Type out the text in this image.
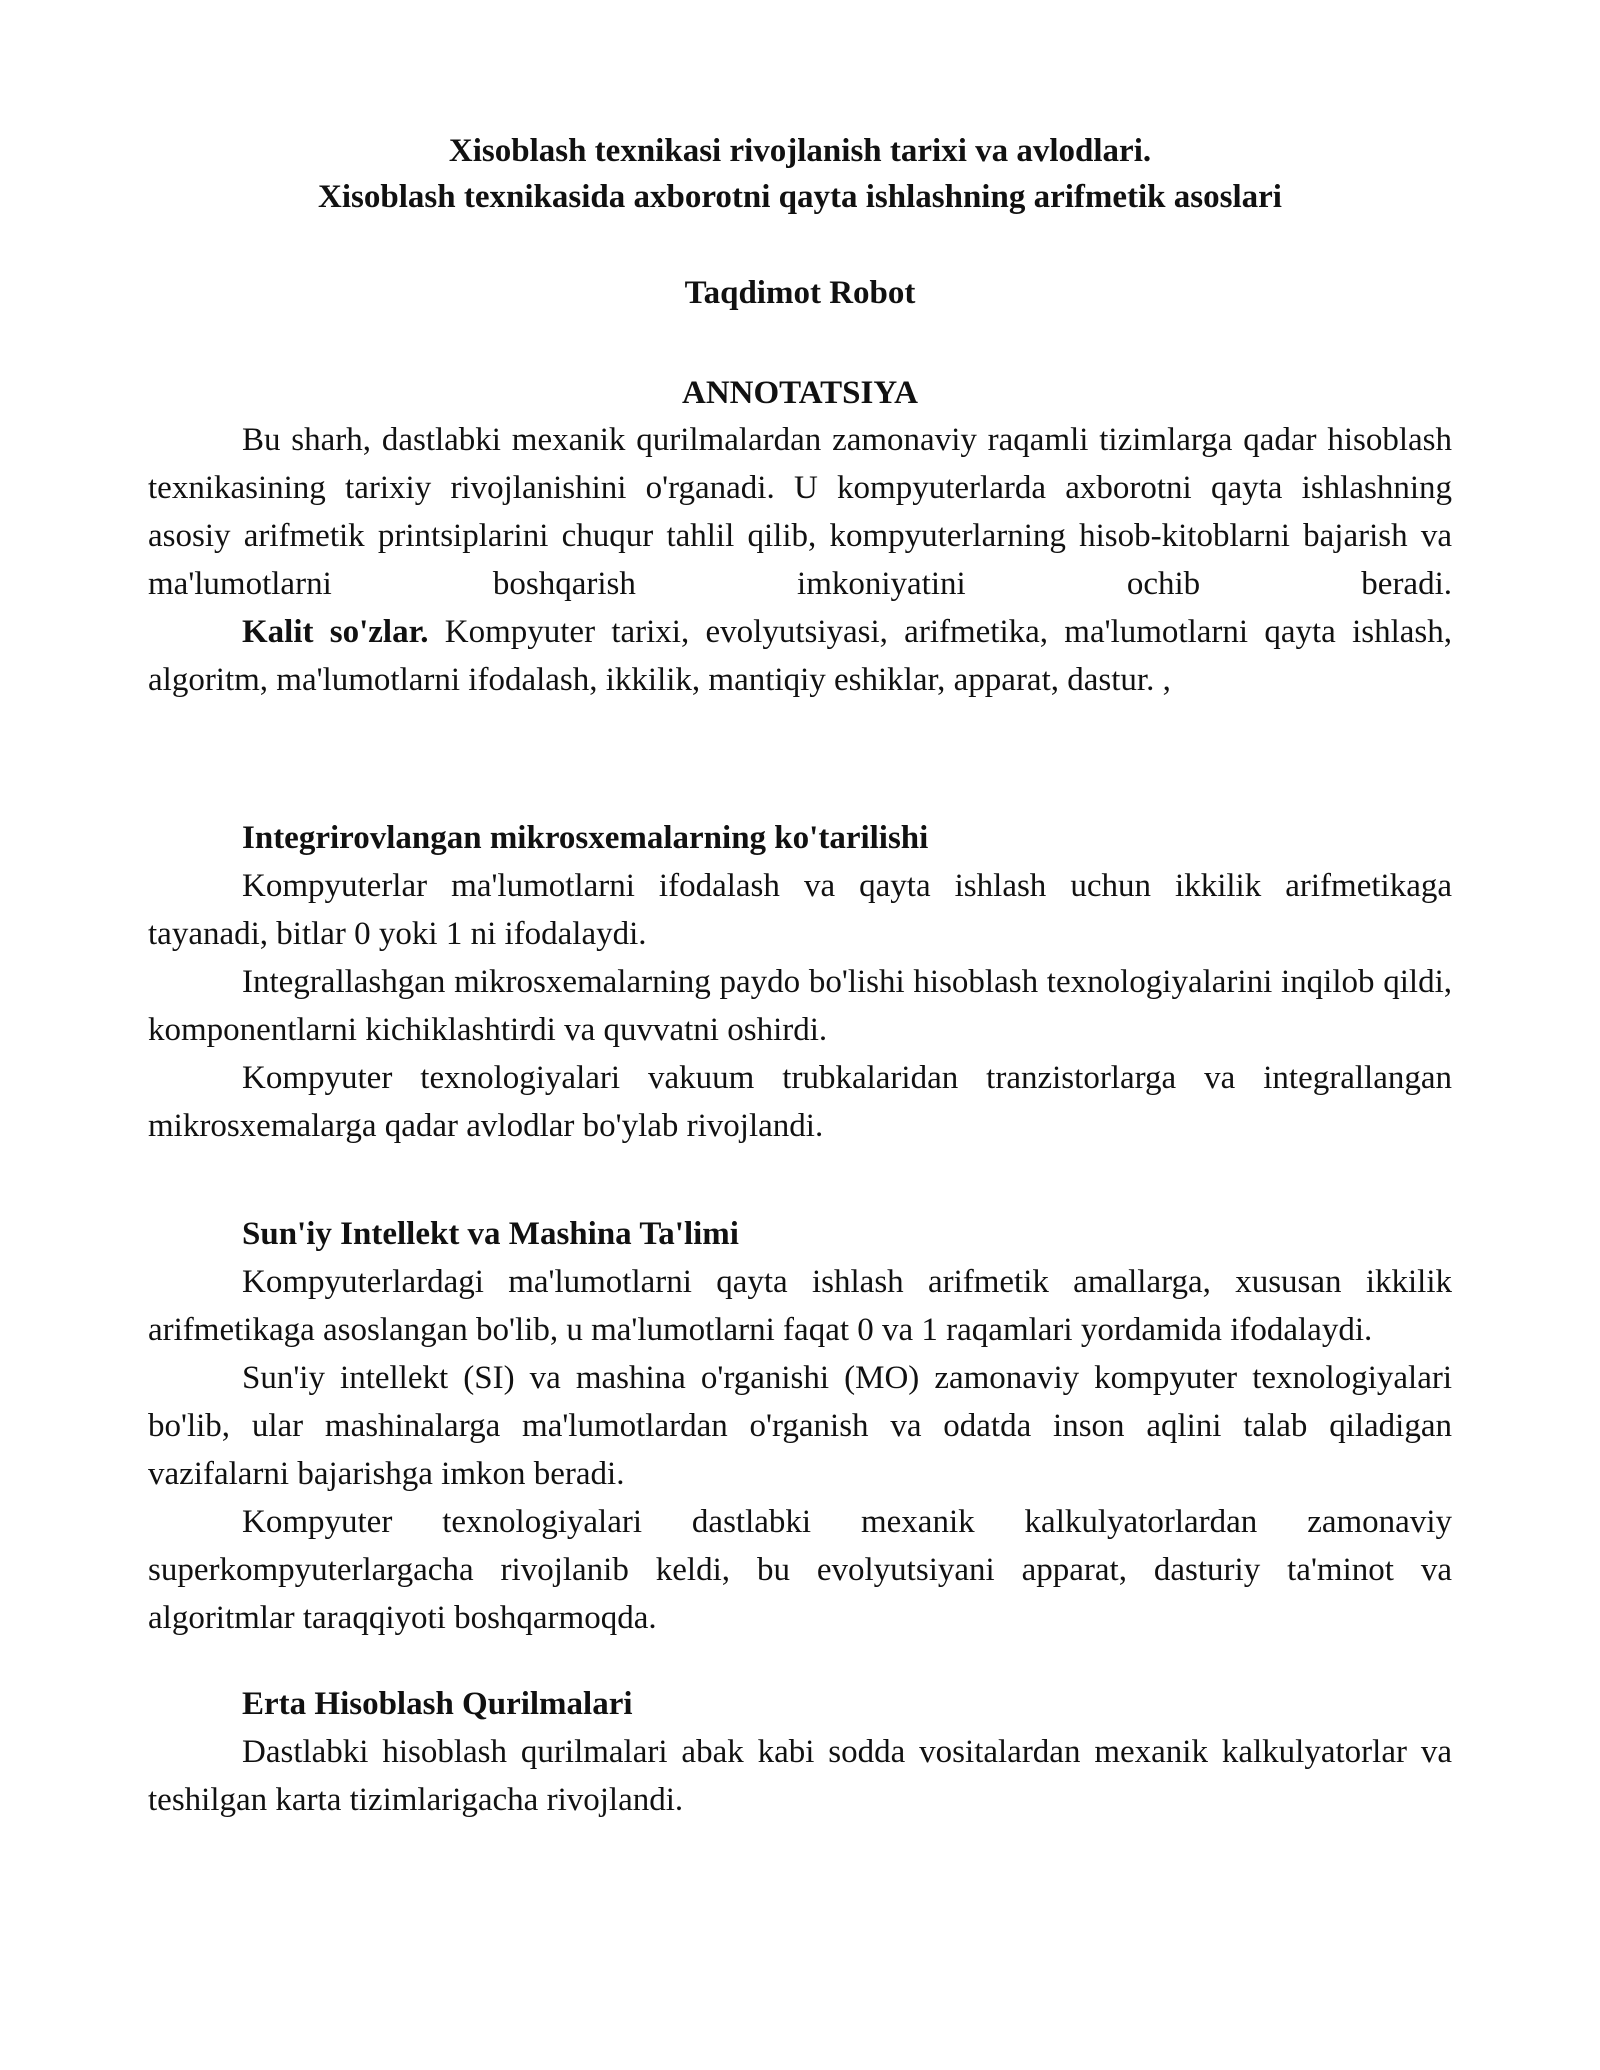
Xisoblash texnikasi rivojlanish tarixi va avlodlari.
Xisoblash texnikasida axborotni qayta ishlashning arifmetik asoslari

Taqdimot Robot

ANNOTATSIYA

Bu sharh, dastlabki mexanik qurilmalardan zamonaviy raqamli tizimlarga qadar hisoblash texnikasining tarixiy rivojlanishini o'rganadi. U kompyuterlarda axborotni qayta ishlashning asosiy arifmetik printsiplarini chuqur tahlil qilib, kompyuterlarning hisob-kitoblarni bajarish va ma'lumotlarni boshqarish imkoniyatini ochib beradi.

Kalit so'zlar. Kompyuter tarixi, evolyutsiyasi, arifmetika, ma'lumotlarni qayta ishlash, algoritm, ma'lumotlarni ifodalash, ikkilik, mantiqiy eshiklar, apparat, dastur. ,

Integrirovlangan mikrosxemalarning ko'tarilishi

Kompyuterlar ma'lumotlarni ifodalash va qayta ishlash uchun ikkilik arifmetikaga tayanadi, bitlar 0 yoki 1 ni ifodalaydi.

Integrallashgan mikrosxemalarning paydo bo'lishi hisoblash texnologiyalarini inqilob qildi, komponentlarni kichiklashtirdi va quvvatni oshirdi.

Kompyuter texnologiyalari vakuum trubkalaridan tranzistorlarga va integrallangan mikrosxemalarga qadar avlodlar bo'ylab rivojlandi.

Sun'iy Intellekt va Mashina Ta'limi

Kompyuterlardagi ma'lumotlarni qayta ishlash arifmetik amallarga, xususan ikkilik arifmetikaga asoslangan bo'lib, u ma'lumotlarni faqat 0 va 1 raqamlari yordamida ifodalaydi.

Sun'iy intellekt (SI) va mashina o'rganishi (MO) zamonaviy kompyuter texnologiyalari bo'lib, ular mashinalarga ma'lumotlardan o'rganish va odatda inson aqlini talab qiladigan vazifalarni bajarishga imkon beradi.

Kompyuter texnologiyalari dastlabki mexanik kalkulyatorlardan zamonaviy superkompyuterlargacha rivojlanib keldi, bu evolyutsiyani apparat, dasturiy ta'minot va algoritmlar taraqqiyoti boshqarmoqda.

Erta Hisoblash Qurilmalari

Dastlabki hisoblash qurilmalari abak kabi sodda vositalardan mexanik kalkulyatorlar va teshilgan karta tizimlarigacha rivojlandi.
